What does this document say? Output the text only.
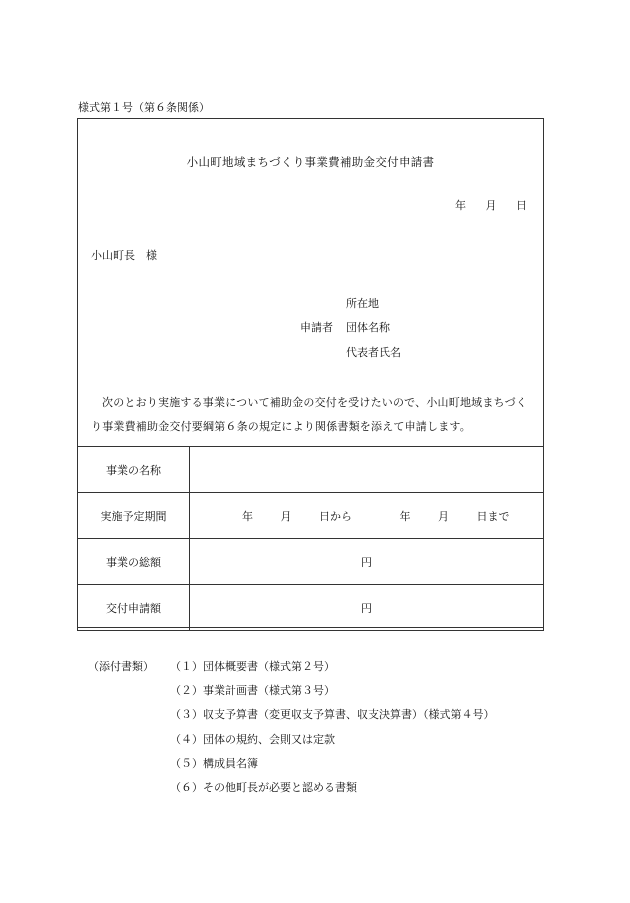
様式第１号（第６条関係）
小山町地域まちづくり事業費補助金交付申請書
年 月 日
小山町長　様
所在地
申請者 団体名称
代表者氏名
次のとおり実施する事業について補助金の交付を受けたいので、小山町地域まちづくり事業費補助金交付要綱第６条の規定により関係書類を添えて申請します。
事業の名称	
実施予定期間	年 月 日から 年 月 日まで
事業の総額	円
交付申請額	円
（添付書類） （１）団体概要書（様式第２号）
（２）事業計画書（様式第３号）
（３）収支予算書（変更収支予算書、収支決算書）（様式第４号）
（４）団体の規約、会則又は定款
（５）構成員名簿
（６）その他町長が必要と認める書類
